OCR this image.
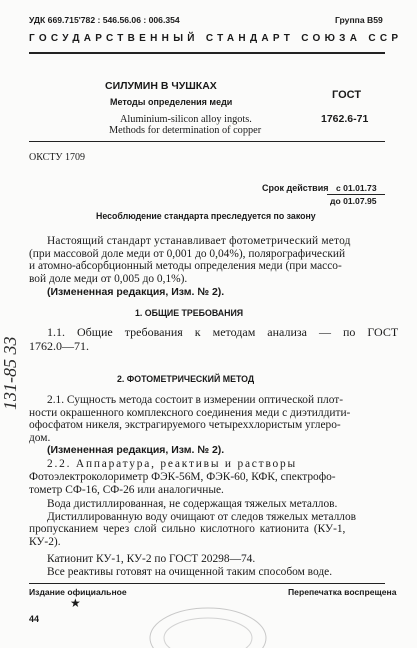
УДК 669.715'782 : 546.56.06 : 006.354	Группа В59
ГОСУДАРСТВЕННЫЙ СТАНДАРТ СОЮЗА ССР
СИЛУМИН В ЧУШКАХ
Методы определения меди
Aluminium-silicon alloy ingots.
Methods for determination of copper
ГОСТ
1762.6-71
ОКСТУ 1709
Срок действия с 01.01.73
до 01.07.95
Несоблюдение стандарта преследуется по закону
Настоящий стандарт устанавливает фотометрический метод
(при массовой доле меди от 0,001 до 0,04%), полярографический
и атомно-абсорбционный методы определения меди (при массо-
вой доле меди от 0,005 до 0,1%).
(Измененная редакция, Изм. № 2).
1. ОБЩИЕ ТРЕБОВАНИЯ
1.1. Общие требования к методам анализа — по ГОСТ
1762.0—71.
2. ФОТОМЕТРИЧЕСКИЙ МЕТОД
2.1. Сущность метода состоит в измерении оптической плот-
ности окрашенного комплексного соединения меди с диэтилдити-
офосфатом никеля, экстрагируемого четыреххлористым углеро-
дом.
(Измененная редакция, Изм. № 2).
2.2. Аппаратура, реактивы и растворы
Фотоэлектроколориметр ФЭК-56М, ФЭК-60, КФК, спектрофо-
тометр СФ-16, СФ-26 или аналогичные.
Вода дистиллированная, не содержащая тяжелых металлов.
Дистиллированную воду очищают от следов тяжелых металлов
пропусканием через слой сильно кислотного катионита (КУ-1,
КУ-2).
Катионит КУ-1, КУ-2 по ГОСТ 20298—74.
Все реактивы готовят на очищенной таким способом воде.
Издание официальное	Перепечатка воспрещена
★
44
131-85 33
